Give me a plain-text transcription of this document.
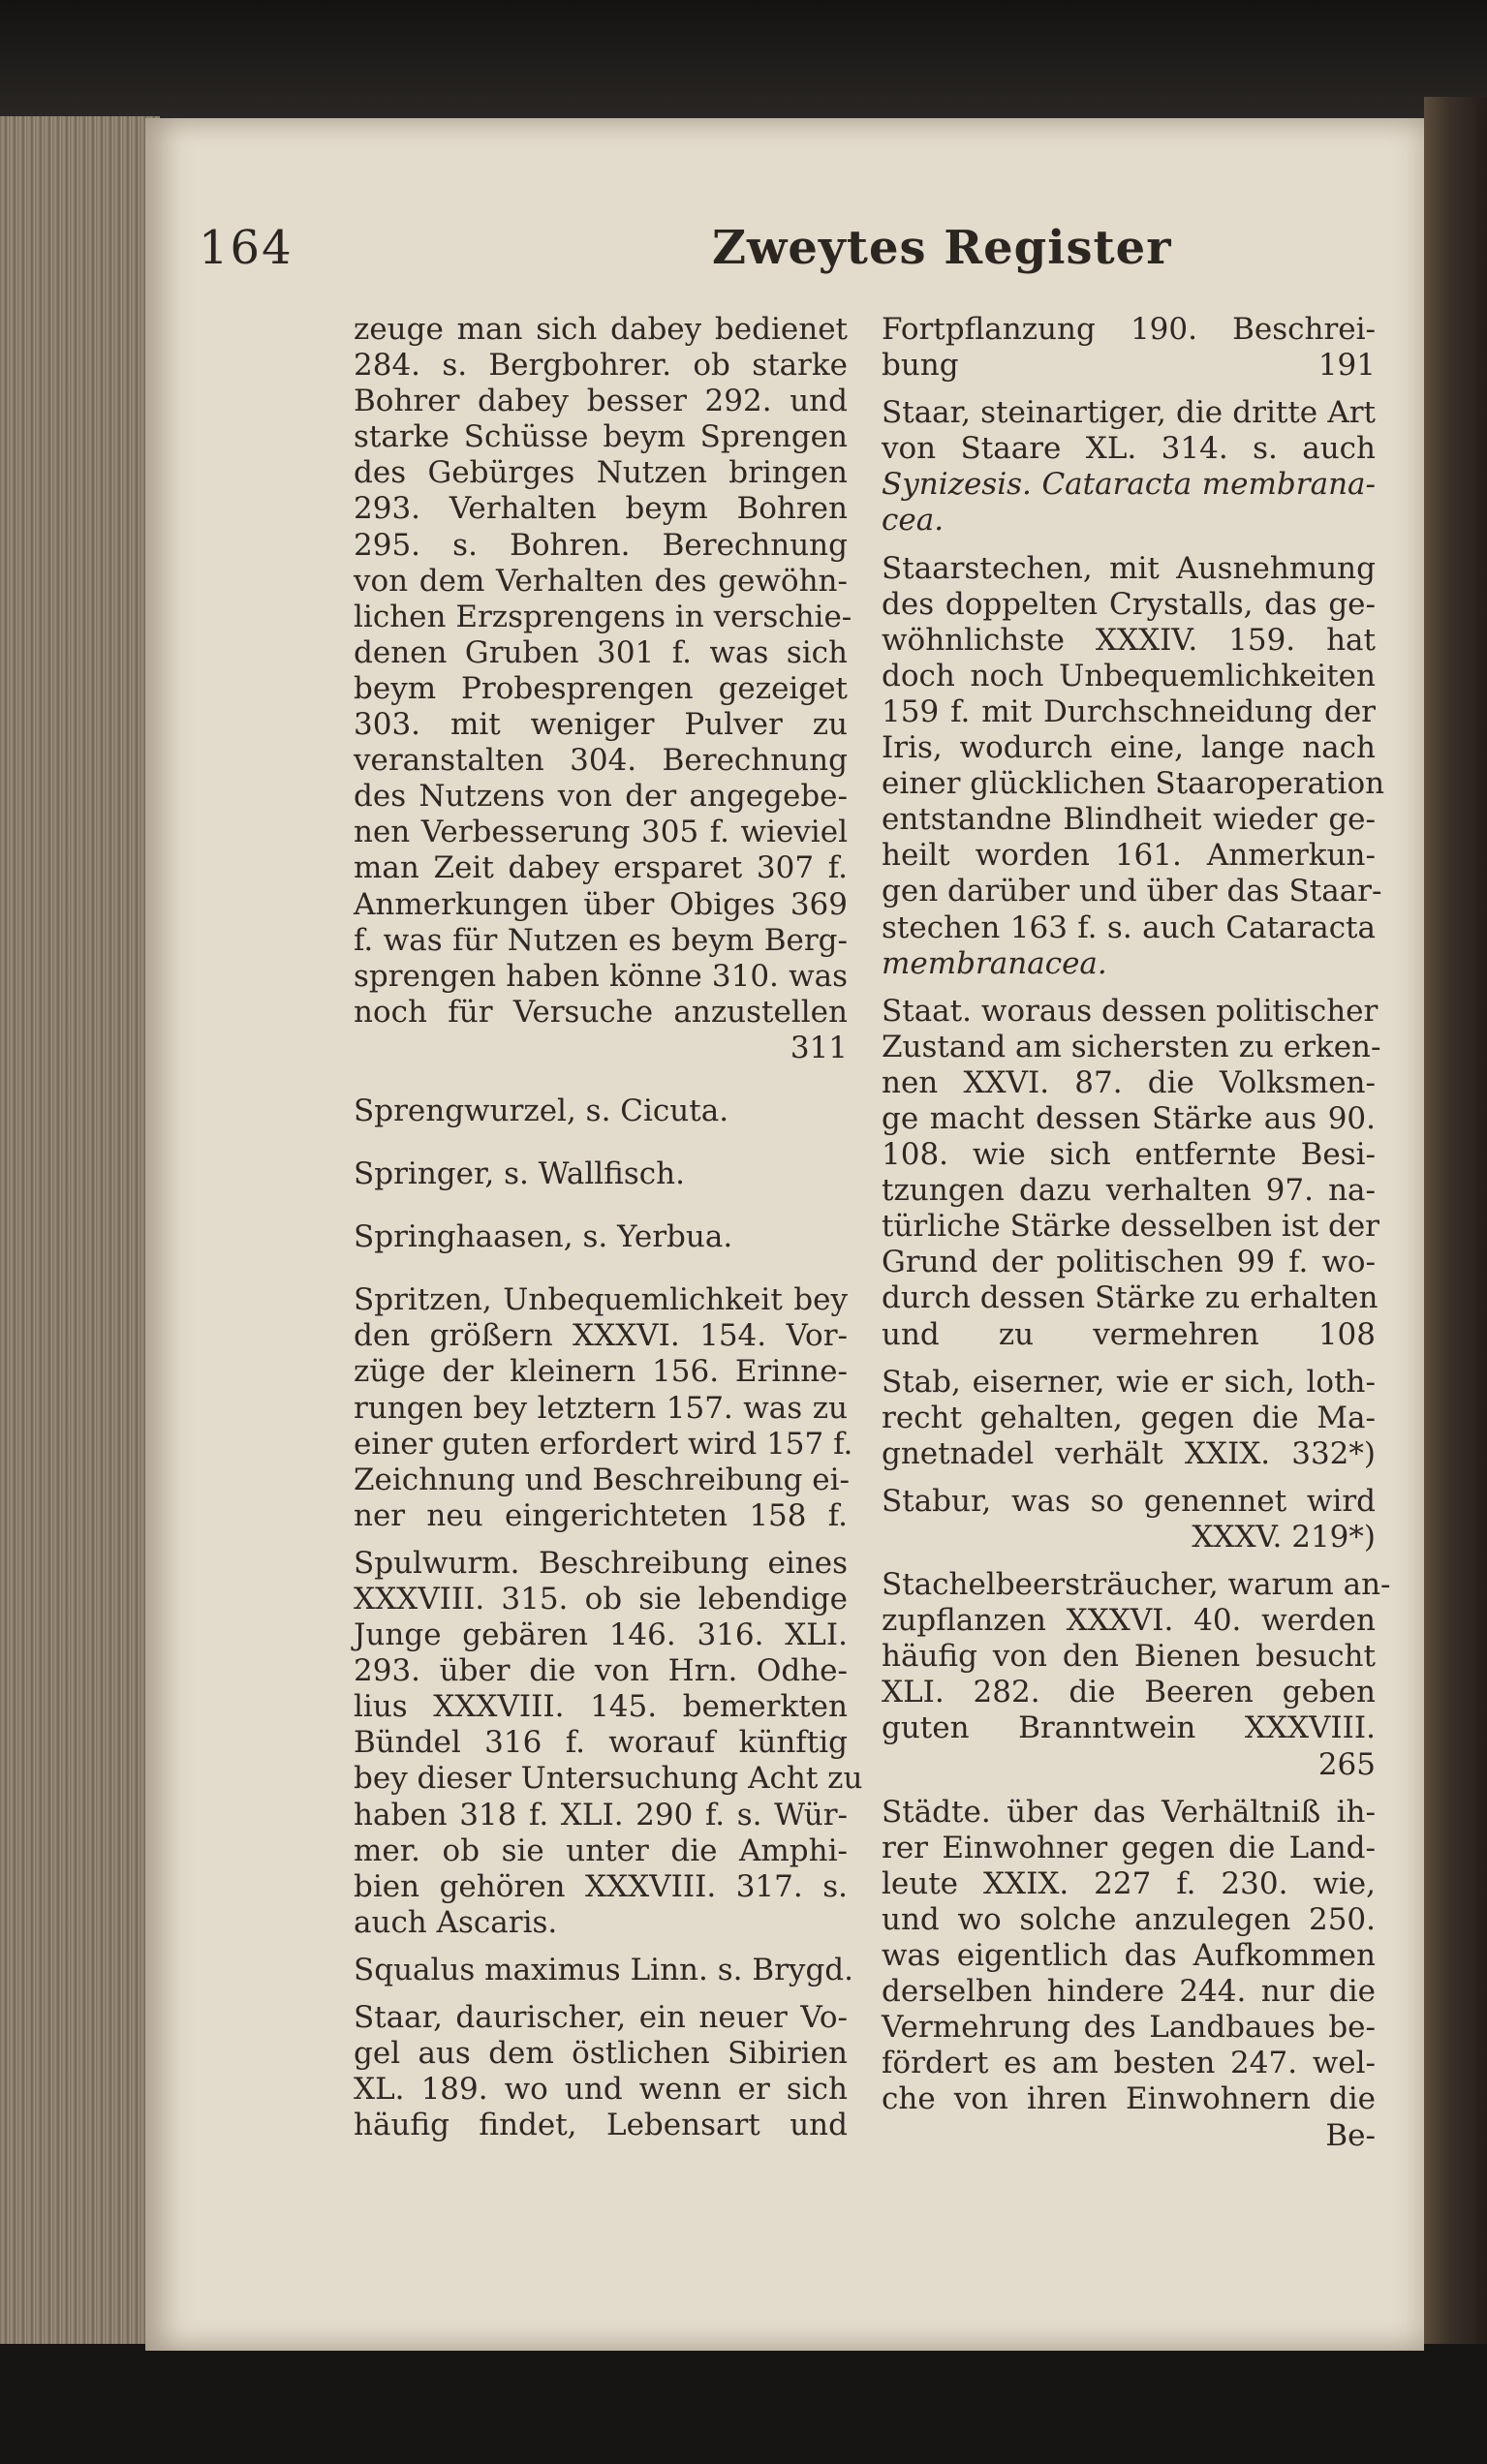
164	Zweytes Register
zeuge man sich dabey bedienet
284. s. Bergbohrer. ob starke
Bohrer dabey besser 292. und
starke Schüsse beym Sprengen
des Gebürges Nutzen bringen
293. Verhalten beym Bohren
295. s. Bohren. Berechnung
von dem Verhalten des gewöhn-
lichen Erzsprengens in verschie-
denen Gruben 301 f. was sich
beym Probesprengen gezeiget
303. mit weniger Pulver zu
veranstalten 304. Berechnung
des Nutzens von der angegebe-
nen Verbesserung 305 f. wieviel
man Zeit dabey ersparet 307 f.
Anmerkungen über Obiges 369
f. was für Nutzen es beym Berg-
sprengen haben könne 310. was
noch für Versuche anzustellen
311
Sprengwurzel, s. Cicuta.
Springer, s. Wallfisch.
Springhaasen, s. Yerbua.
Spritzen, Unbequemlichkeit bey
den größern XXXVI. 154. Vor-
züge der kleinern 156. Erinne-
rungen bey letztern 157. was zu
einer guten erfordert wird 157 f.
Zeichnung und Beschreibung ei-
ner neu eingerichteten 158 f.
Spulwurm. Beschreibung eines
XXXVIII. 315. ob sie lebendige
Junge gebären 146. 316. XLI.
293. über die von Hrn. Odhe-
lius XXXVIII. 145. bemerkten
Bündel 316 f. worauf künftig
bey dieser Untersuchung Acht zu
haben 318 f. XLI. 290 f. s. Wür-
mer. ob sie unter die Amphi-
bien gehören XXXVIII. 317. s.
auch Ascaris.
Squalus maximus Linn. s. Brygd.
Staar, daurischer, ein neuer Vo-
gel aus dem östlichen Sibirien
XL. 189. wo und wenn er sich
häufig findet, Lebensart und
Fortpflanzung 190. Beschrei-
bung 191
Staar, steinartiger, die dritte Art
von Staare XL. 314. s. auch
Synizesis. Cataracta membrana-
cea.
Staarstechen, mit Ausnehmung
des doppelten Crystalls, das ge-
wöhnlichste XXXIV. 159. hat
doch noch Unbequemlichkeiten
159 f. mit Durchschneidung der
Iris, wodurch eine, lange nach
einer glücklichen Staaroperation
entstandne Blindheit wieder ge-
heilt worden 161. Anmerkun-
gen darüber und über das Staar-
stechen 163 f. s. auch Cataracta
membranacea.
Staat. woraus dessen politischer
Zustand am sichersten zu erken-
nen XXVI. 87. die Volksmen-
ge macht dessen Stärke aus 90.
108. wie sich entfernte Besi-
tzungen dazu verhalten 97. na-
türliche Stärke desselben ist der
Grund der politischen 99 f. wo-
durch dessen Stärke zu erhalten
und zu vermehren 108
Stab, eiserner, wie er sich, loth-
recht gehalten, gegen die Ma-
gnetnadel verhält XXIX. 332*)
Stabur, was so genennet wird
XXXV. 219*)
Stachelbeersträucher, warum an-
zupflanzen XXXVI. 40. werden
häufig von den Bienen besucht
XLI. 282. die Beeren geben
guten Branntwein XXXVIII.
265
Städte. über das Verhältniß ih-
rer Einwohner gegen die Land-
leute XXIX. 227 f. 230. wie,
und wo solche anzulegen 250.
was eigentlich das Aufkommen
derselben hindere 244. nur die
Vermehrung des Landbaues be-
fördert es am besten 247. wel-
che von ihren Einwohnern die
Be-
